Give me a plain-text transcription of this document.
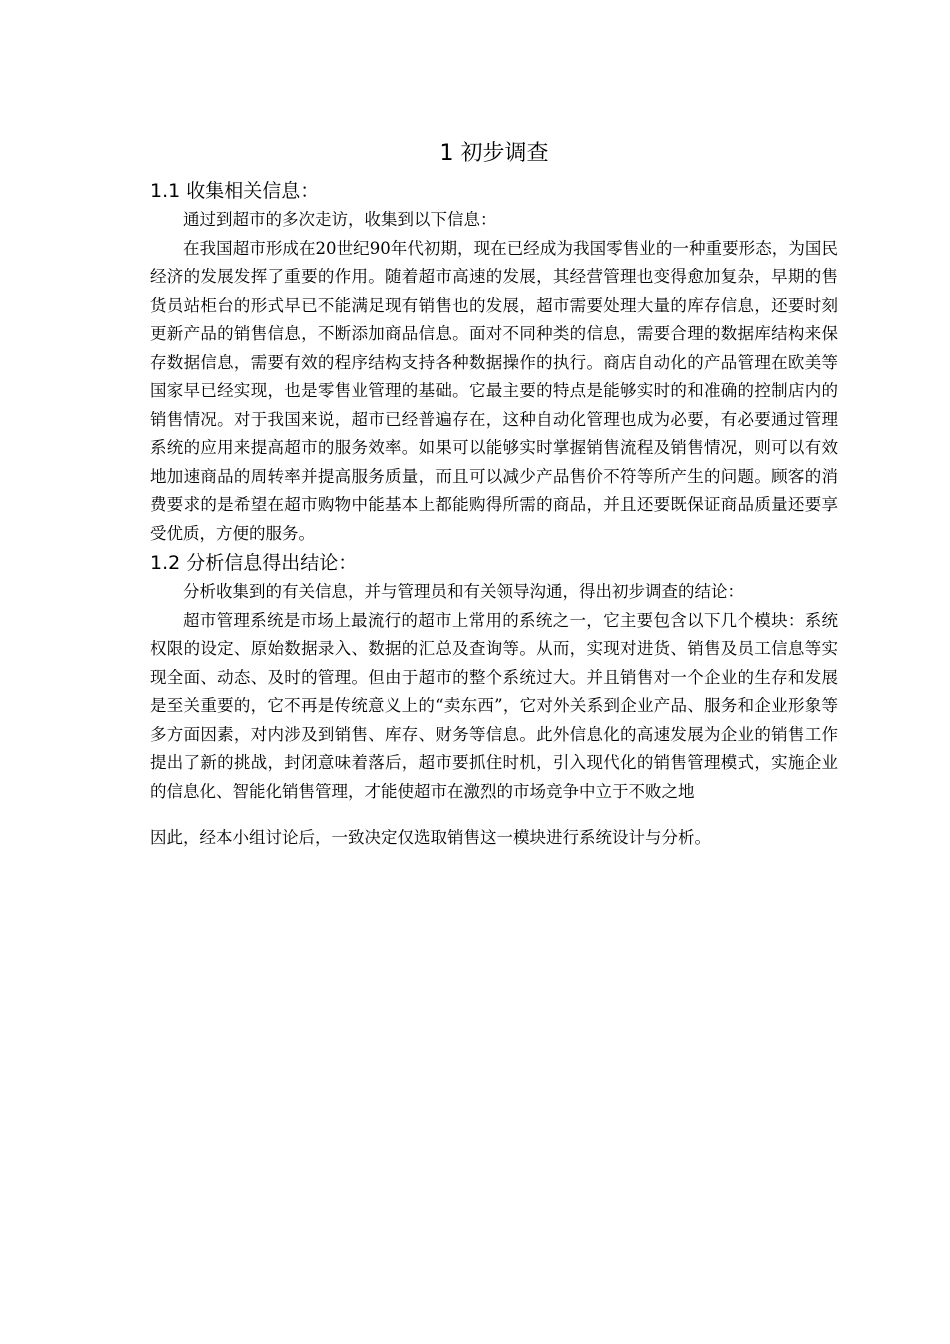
1 初步调查
1.1 收集相关信息：

通过到超市的多次走访，收集到以下信息：

在我国超市形成在20世纪90年代初期，现在已经成为我国零售业的一种重要形态，为国民经济的发展发挥了重要的作用。随着超市高速的发展，其经营管理也变得愈加复杂，早期的售货员站柜台的形式早已不能满足现有销售也的发展，超市需要处理大量的库存信息，还要时刻更新产品的销售信息，不断添加商品信息。面对不同种类的信息，需要合理的数据库结构来保存数据信息，需要有效的程序结构支持各种数据操作的执行。商店自动化的产品管理在欧美等国家早已经实现，也是零售业管理的基础。它最主要的特点是能够实时的和准确的控制店内的销售情况。对于我国来说，超市已经普遍存在，这种自动化管理也成为必要，有必要通过管理系统的应用来提高超市的服务效率。如果可以能够实时掌握销售流程及销售情况，则可以有效地加速商品的周转率并提高服务质量，而且可以减少产品售价不符等所产生的问题。顾客的消费要求的是希望在超市购物中能基本上都能购得所需的商品，并且还要既保证商品质量还要享受优质，方便的服务。

1.2 分析信息得出结论：

分析收集到的有关信息，并与管理员和有关领导沟通，得出初步调查的结论：

超市管理系统是市场上最流行的超市上常用的系统之一，它主要包含以下几个模块：系统权限的设定、原始数据录入、数据的汇总及查询等。从而，实现对进货、销售及员工信息等实现全面、动态、及时的管理。但由于超市的整个系统过大。并且销售对一个企业的生存和发展是至关重要的，它不再是传统意义上的“卖东西”，它对外关系到企业产品、服务和企业形象等多方面因素，对内涉及到销售、库存、财务等信息。此外信息化的高速发展为企业的销售工作提出了新的挑战，封闭意味着落后，超市要抓住时机，引入现代化的销售管理模式，实施企业的信息化、智能化销售管理，才能使超市在激烈的市场竞争中立于不败之地

因此，经本小组讨论后，一致决定仅选取销售这一模块进行系统设计与分析。
